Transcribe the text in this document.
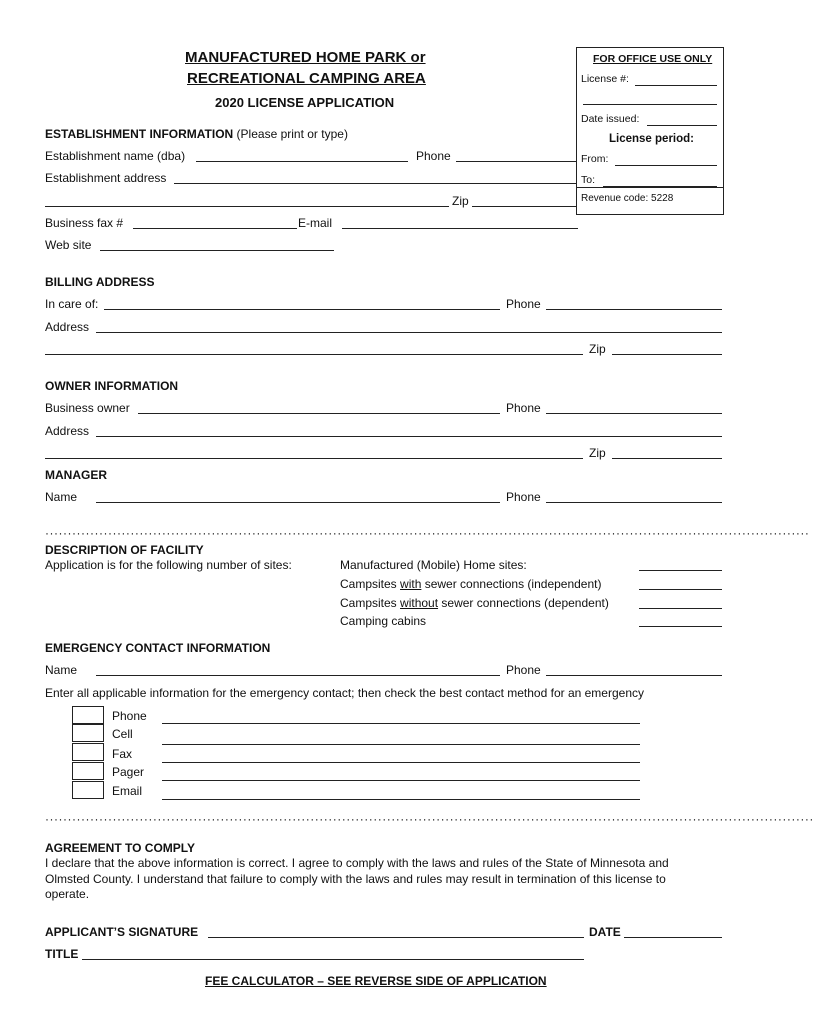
MANUFACTURED HOME PARK or
RECREATIONAL CAMPING AREA
2020 LICENSE APPLICATION
FOR OFFICE USE ONLY
License #:
Date issued:
License period:
From:
To:
Revenue code: 5228
ESTABLISHMENT INFORMATION (Please print or type)
Establishment name (dba)	Phone
Establishment address
Zip
Business fax #	E-mail
Web site
BILLING ADDRESS
In care of:	Phone
Address
Zip
OWNER INFORMATION
Business owner	Phone
Address
Zip
MANAGER
Name	Phone
··········································································································································································
DESCRIPTION OF FACILITY
Application is for the following number of sites:	Manufactured (Mobile) Home sites:
Campsites with sewer connections (independent)
Campsites without sewer connections (dependent)
Camping cabins
EMERGENCY CONTACT INFORMATION
Name	Phone
Enter all applicable information for the emergency contact; then check the best contact method for an emergency
Phone
Cell
Fax
Pager
Email
···········································································································································································
AGREEMENT TO COMPLY
I declare that the above information is correct. I agree to comply with the laws and rules of the State of Minnesota and
Olmsted County. I understand that failure to comply with the laws and rules may result in termination of this license to
operate.
APPLICANT’S SIGNATURE	DATE
TITLE
FEE CALCULATOR – SEE REVERSE SIDE OF APPLICATION
